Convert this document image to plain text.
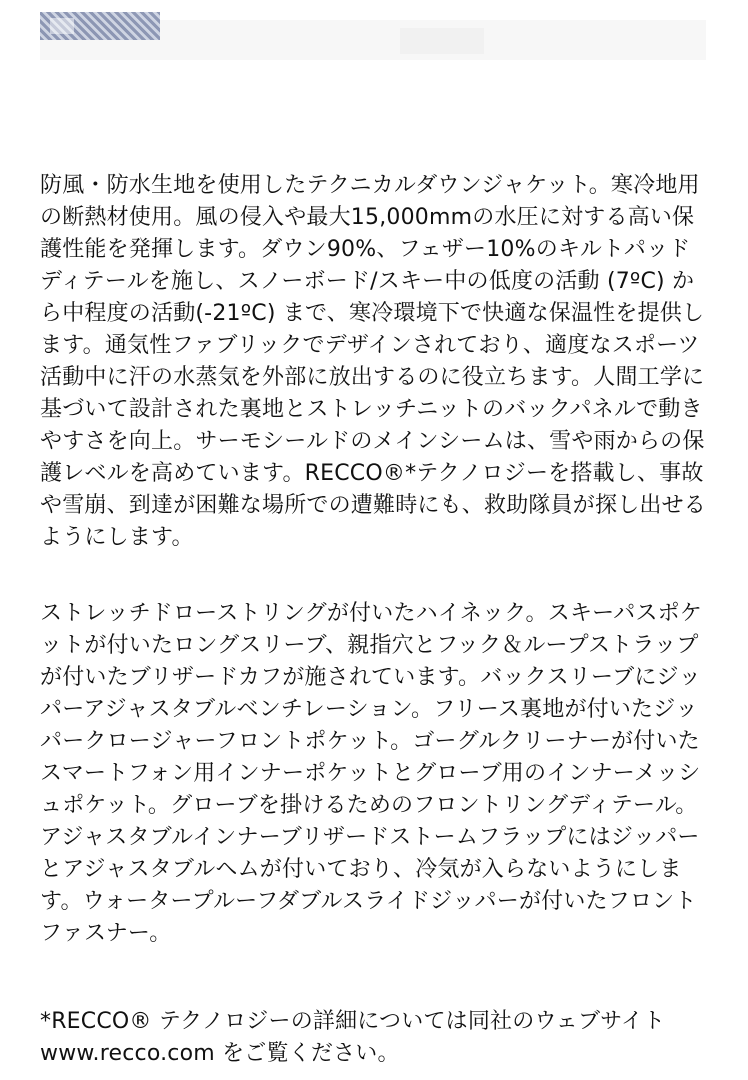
防風・防水生地を使用したテクニカルダウンジャケット。寒冷地用の断熱材使用。風の侵入や最大15,000mmの水圧に対する高い保護性能を発揮します。ダウン90%、フェザー10%のキルトパッドディテールを施し、スノーボード/スキー中の低度の活動 (7ºC) から中程度の活動(-21ºC) まで、寒冷環境下で快適な保温性を提供します。通気性ファブリックでデザインされており、適度なスポーツ活動中に汗の水蒸気を外部に放出するのに役立ちます。人間工学に基づいて設計された裏地とストレッチニットのバックパネルで動きやすさを向上。サーモシールドのメインシームは、雪や雨からの保護レベルを高めています。RECCO®*テクノロジーを搭載し、事故や雪崩、到達が困難な場所での遭難時にも、救助隊員が探し出せるようにします。

ストレッチドローストリングが付いたハイネック。スキーパスポケットが付いたロングスリーブ、親指穴とフック＆ループストラップが付いたブリザードカフが施されています。バックスリーブにジッパーアジャスタブルベンチレーション。フリース裏地が付いたジッパークロージャーフロントポケット。ゴーグルクリーナーが付いたスマートフォン用インナーポケットとグローブ用のインナーメッシュポケット。グローブを掛けるためのフロントリングディテール。アジャスタブルインナーブリザードストームフラップにはジッパーとアジャスタブルヘムが付いており、冷気が入らないようにします。ウォータープルーフダブルスライドジッパーが付いたフロントファスナー。

*RECCO® テクノロジーの詳細については同社のウェブサイト www.recco.com をご覧ください。
